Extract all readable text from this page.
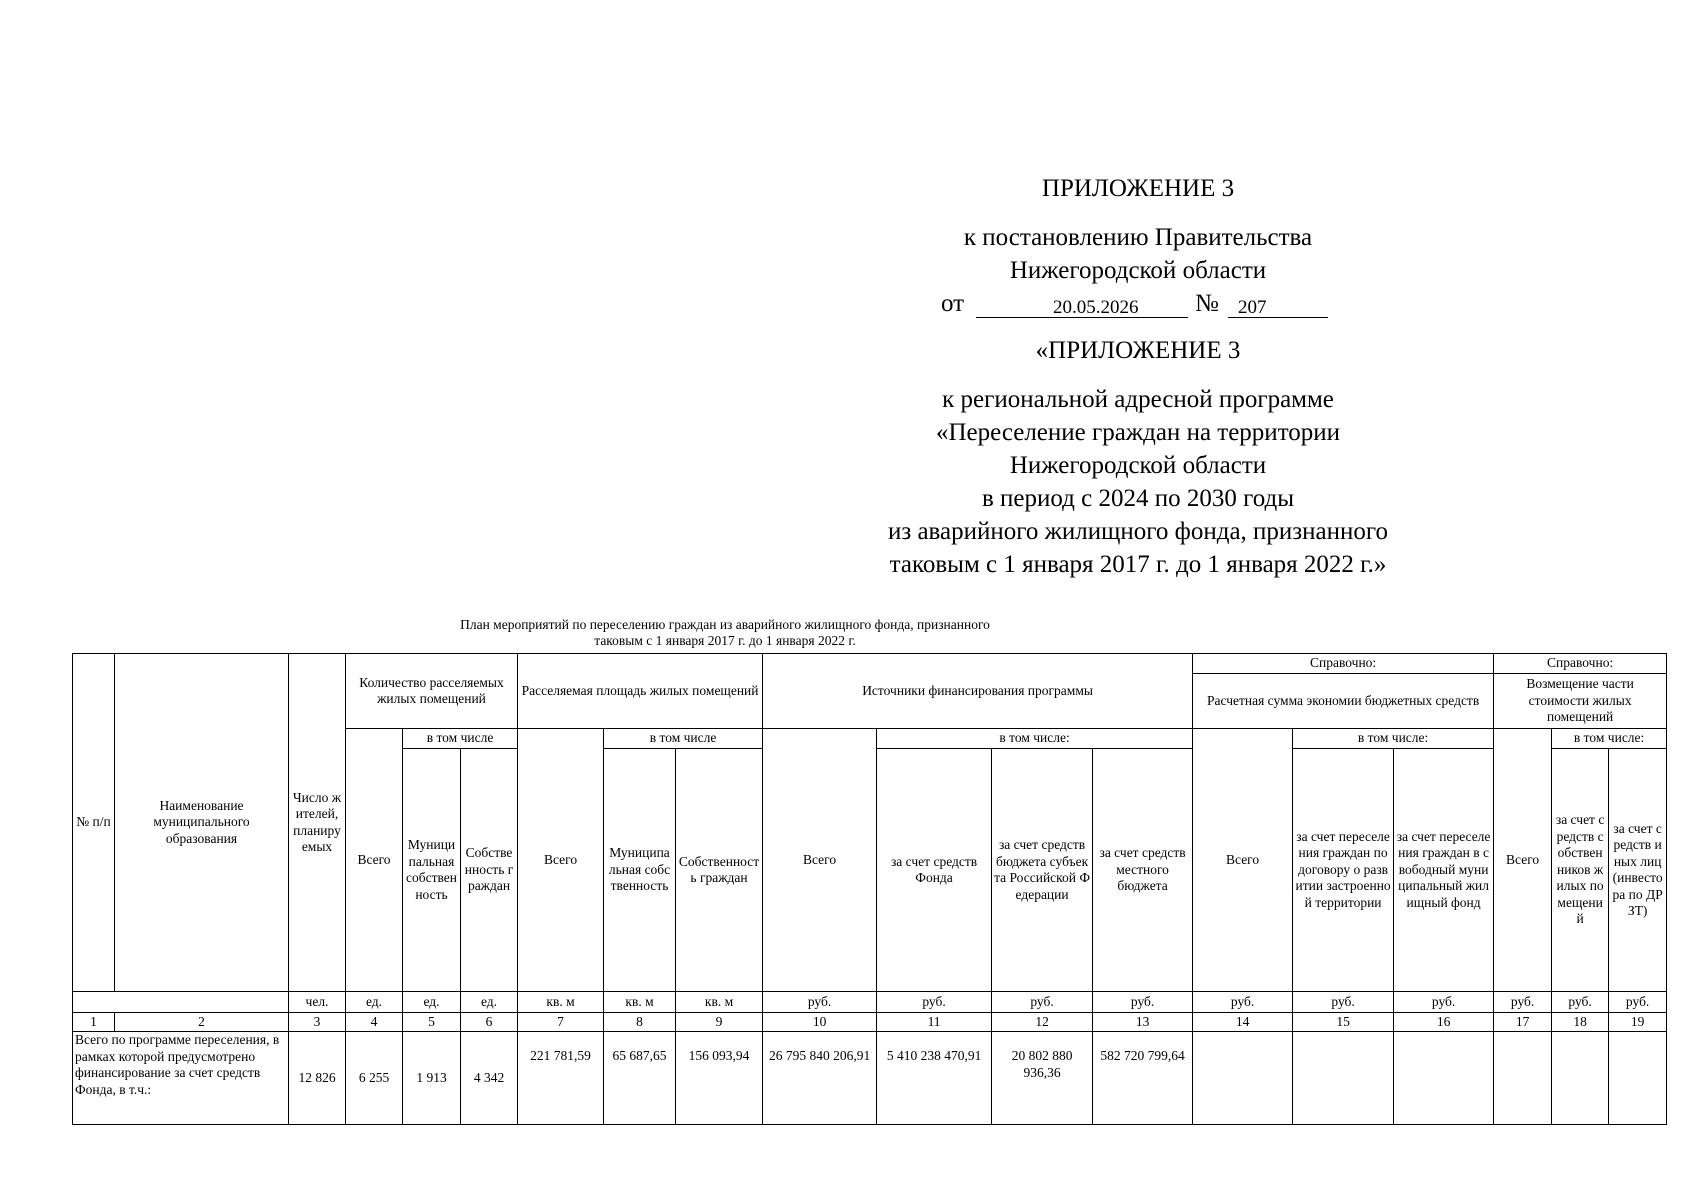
ПРИЛОЖЕНИЕ 3

к постановлению Правительства

Нижегородской области

от	20.05.2026 № 207

«ПРИЛОЖЕНИЕ 3

к региональной адресной программе

«Переселение граждан на территории

Нижегородской области

в период с 2024 по 2030 годы

из аварийного жилищного фонда, признанного

таковым с 1 января 2017 г. до 1 января 2022 г.»

План мероприятий по переселению граждан из аварийного жилищного фонда, признанного

таковым с 1 января 2017 г. до 1 января 2022 г.

№ п/п	Наименование муниципального образования	Число жителей, планируемых	Количество расселяемых жилых помещений			Расселяемая площадь жилых помещений			Источники финансирования программы				Справочно:			Справочно:		
													Расчетная сумма экономии бюджетных средств			Возмещение части стоимости жилых помещений		
			Всего	в том числе		Всего	в том числе		Всего	в том числе:			Всего	в том числе:		Всего	в том числе:	
				Муниципальная собственность	Собственность граждан		Муниципальная собственность	Собственность граждан		за счет средств Фонда	за счет средств бюджета субъекта Российской Федерации	за счет средств местного бюджета		за счет переселения граждан по договору о развитии застроенной территории	за счет переселения граждан в свободный муниципальный жилищный фонд		за счет средств собственников жилых помещений	за счет средств иных лиц (инвестора по ДРЗТ)
		чел.	ед.	ед.	ед.	кв. м	кв. м	кв. м	руб.	руб.	руб.	руб.	руб.	руб.	руб.	руб.	руб.	руб.
1	2	3	4	5	6	7	8	9	10	11	12	13	14	15	16	17	18	19
Всего по программе переселения, в рамках которой предусмотрено финансирование за счет средств Фонда, в т.ч.:		12 826	6 255	1 913	4 342	221 781,59	65 687,65	156 093,94	26 795 840 206,91	5 410 238 470,91	20 802 880 936,36	582 720 799,64						
